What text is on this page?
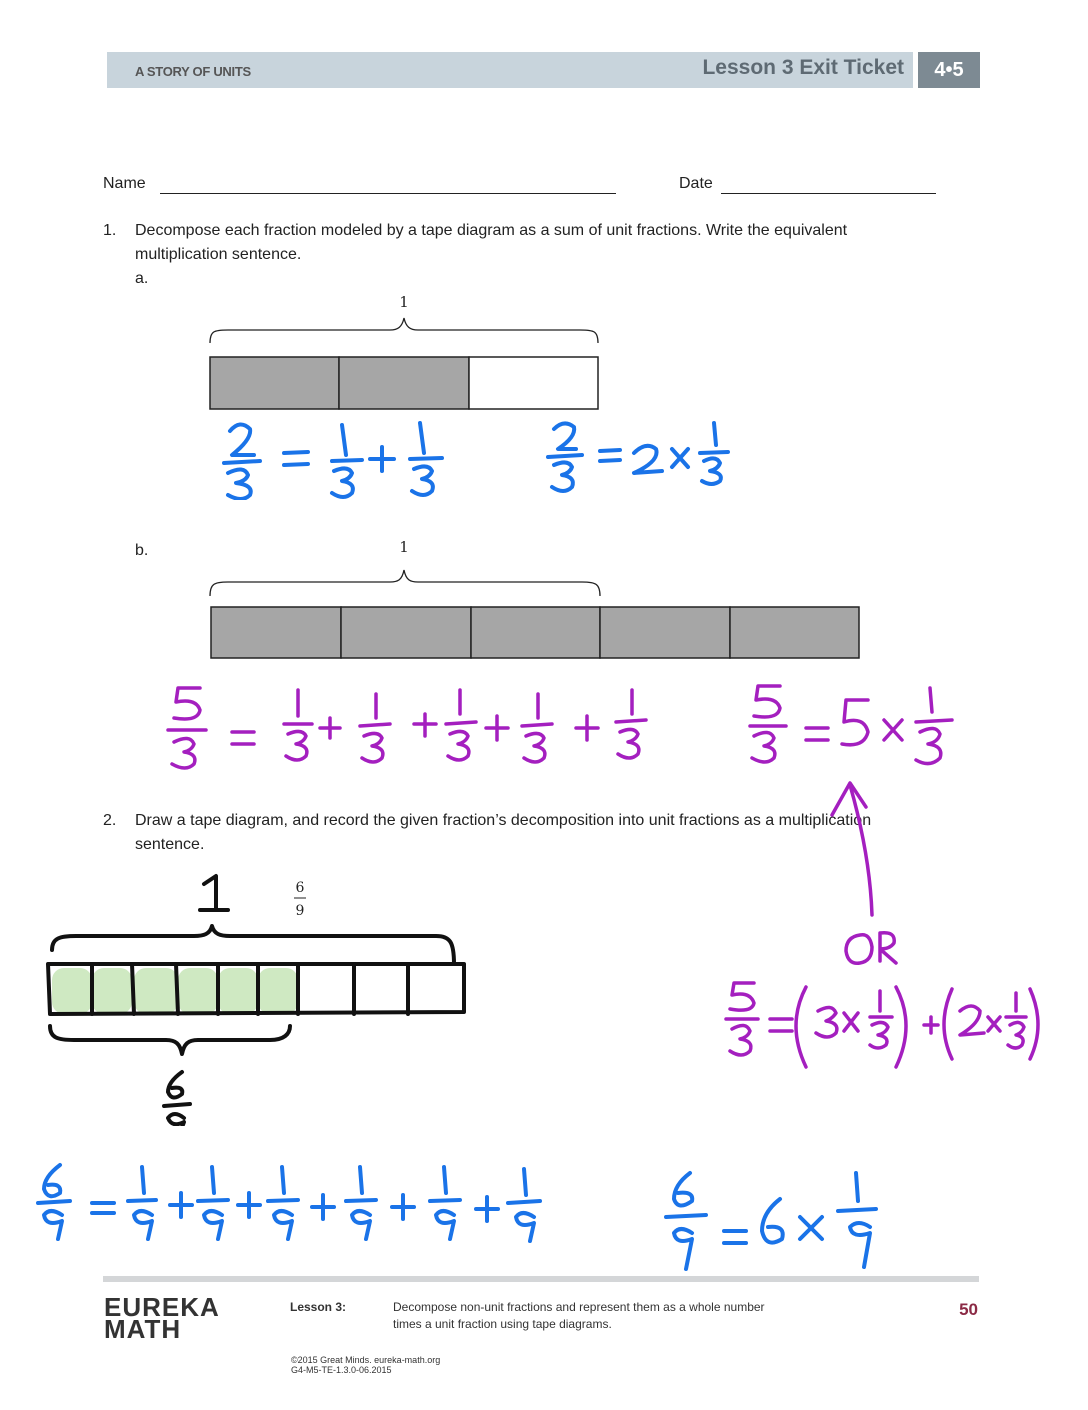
A STORY OF UNITS	Lesson 3 Exit Ticket	4•5
Name	Date
1. Decompose each fraction modeled by a tape diagram as a sum of unit fractions. Write the equivalent
multiplication sentence.
a.
1
b.	1
2. Draw a tape diagram, and record the given fraction’s decomposition into unit fractions as a multiplication
sentence.
6
9
EUREKA
MATH
Lesson 3:	Decompose non-unit fractions and represent them as a whole number
times a unit fraction using tape diagrams.
50
©2015 Great Minds. eureka-math.org
G4-M5-TE-1.3.0-06.2015
